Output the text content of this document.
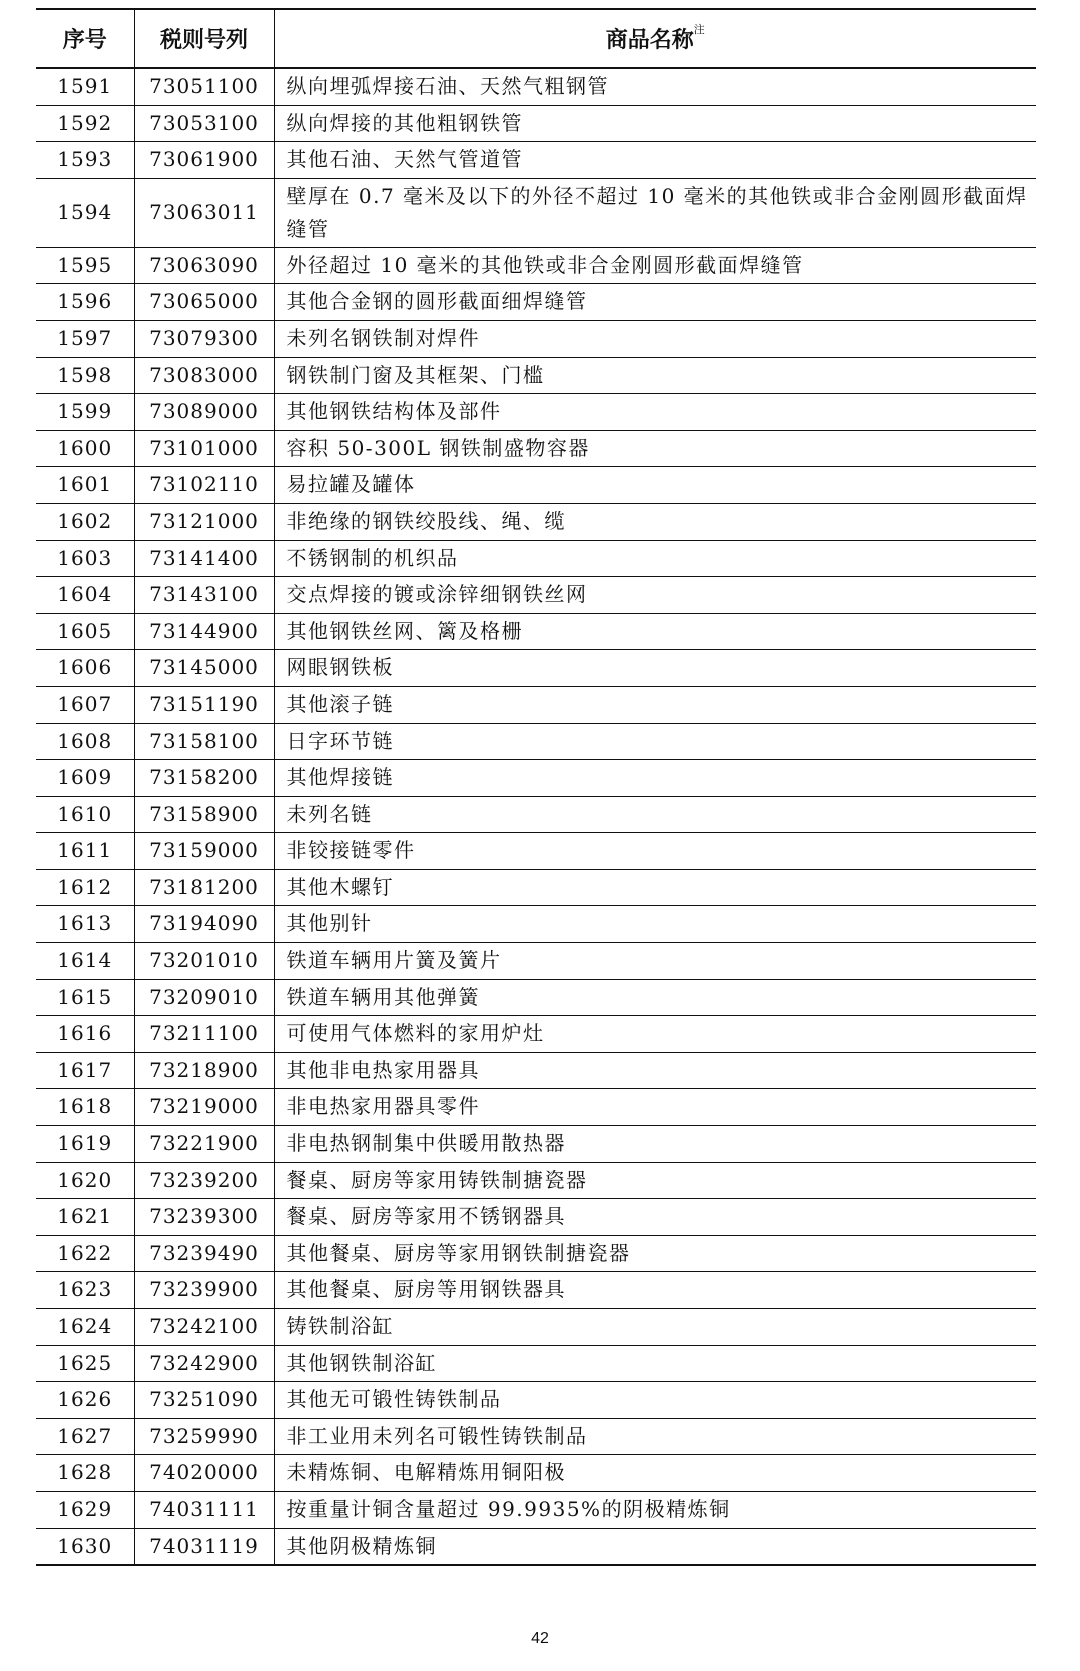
序号	税则号列	商品名称$^注$
1591	73051100	纵向埋弧焊接石油、天然气粗钢管
1592	73053100	纵向焊接的其他粗钢铁管
1593	73061900	其他石油、天然气管道管
1594	73063011	壁厚在 0.7 毫米及以下的外径不超过 10 毫米的其他铁或非合金刚圆形截面焊缝管
1595	73063090	外径超过 10 毫米的其他铁或非合金刚圆形截面焊缝管
1596	73065000	其他合金钢的圆形截面细焊缝管
1597	73079300	未列名钢铁制对焊件
1598	73083000	钢铁制门窗及其框架、门槛
1599	73089000	其他钢铁结构体及部件
1600	73101000	容积 50-300L 钢铁制盛物容器
1601	73102110	易拉罐及罐体
1602	73121000	非绝缘的钢铁绞股线、绳、缆
1603	73141400	不锈钢制的机织品
1604	73143100	交点焊接的镀或涂锌细钢铁丝网
1605	73144900	其他钢铁丝网、篱及格栅
1606	73145000	网眼钢铁板
1607	73151190	其他滚子链
1608	73158100	日字环节链
1609	73158200	其他焊接链
1610	73158900	未列名链
1611	73159000	非铰接链零件
1612	73181200	其他木螺钉
1613	73194090	其他别针
1614	73201010	铁道车辆用片簧及簧片
1615	73209010	铁道车辆用其他弹簧
1616	73211100	可使用气体燃料的家用炉灶
1617	73218900	其他非电热家用器具
1618	73219000	非电热家用器具零件
1619	73221900	非电热钢制集中供暖用散热器
1620	73239200	餐桌、厨房等家用铸铁制搪瓷器
1621	73239300	餐桌、厨房等家用不锈钢器具
1622	73239490	其他餐桌、厨房等家用钢铁制搪瓷器
1623	73239900	其他餐桌、厨房等用钢铁器具
1624	73242100	铸铁制浴缸
1625	73242900	其他钢铁制浴缸
1626	73251090	其他无可锻性铸铁制品
1627	73259990	非工业用未列名可锻性铸铁制品
1628	74020000	未精炼铜、电解精炼用铜阳极
1629	74031111	按重量计铜含量超过 99.9935%的阴极精炼铜
1630	74031119	其他阴极精炼铜
42
